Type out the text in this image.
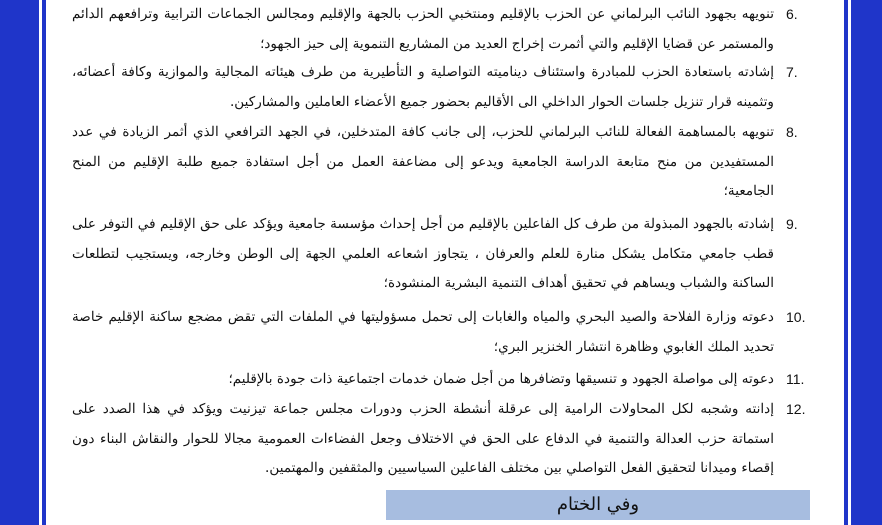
6.
تنويهه بجهود النائب البرلماني عن الحزب بالإقليم ومنتخبي الحزب بالجهة والإقليم ومجالس الجماعات الترابية وترافعهم الدائم والمستمر عن قضايا الإقليم والتي أثمرت إخراج العديد من المشاريع التنموية إلى حيز الجهود؛
7.
إشادته باستعادة الحزب للمبادرة واستئناف ديناميته التواصلية و التأطيرية من طرف هيئاته المجالية والموازية وكافة أعضائه، وتثمينه قرار تنزيل جلسات الحوار الداخلي الى الأقاليم بحضور جميع الأعضاء العاملين والمشاركين.
8.
تنويهه بالمساهمة الفعالة للنائب البرلماني للحزب، إلى جانب كافة المتدخلين، في الجهد الترافعي الذي أثمر الزيادة في عدد المستفيدين من منح متابعة الدراسة الجامعية ويدعو إلى مضاعفة العمل من أجل استفادة جميع طلبة الإقليم من المنح الجامعية؛
9.
إشادته بالجهود المبذولة من طرف كل الفاعلين بالإقليم من أجل إحداث مؤسسة جامعية ويؤكد على حق الإقليم في التوفر على قطب جامعي متكامل يشكل منارة للعلم والعرفان ، يتجاوز اشعاعه العلمي الجهة إلى الوطن وخارجه، ويستجيب لتطلعات الساكنة والشباب ويساهم في تحقيق أهداف التنمية البشرية المنشودة؛
10.
دعوته وزارة الفلاحة والصيد البحري والمياه والغابات إلى تحمل مسؤوليتها في الملفات التي تقض مضجع ساكنة الإقليم خاصة تحديد الملك الغابوي وظاهرة انتشار الخنزير البري؛
11.
دعوته إلى مواصلة الجهود و تنسيقها وتضافرها من أجل ضمان خدمات اجتماعية ذات جودة بالإقليم؛
12.
إدانته وشجبه لكل المحاولات الرامية إلى عرقلة أنشطة الحزب ودورات مجلس جماعة تيزنيت ويؤكد في هذا الصدد على استماتة حزب العدالة والتنمية في الدفاع على الحق في الاختلاف وجعل الفضاءات العمومية مجالا للحوار والنقاش البناء دون إقصاء وميدانا لتحقيق الفعل التواصلي بين مختلف الفاعلين السياسيين والمثقفين والمهتمين.
وفي الختام
